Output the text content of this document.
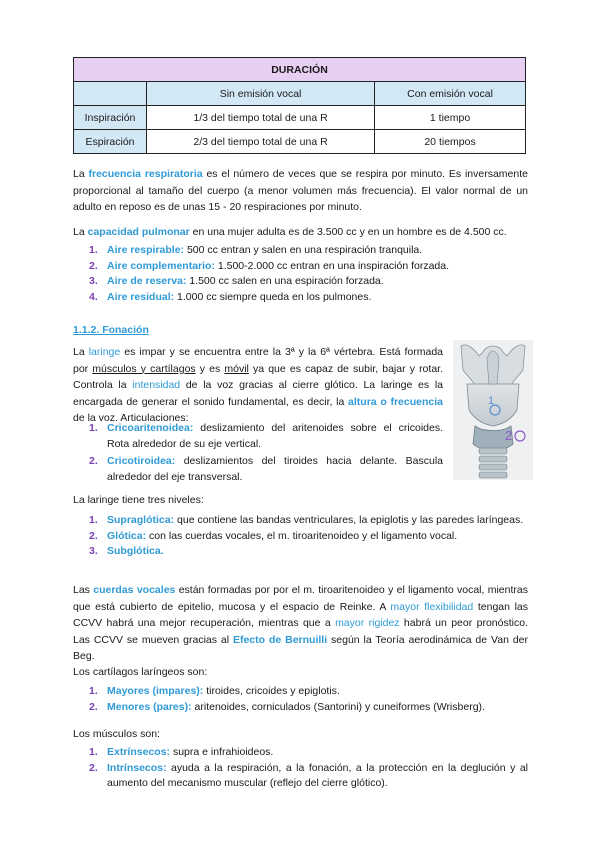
DURACIÓN		
	Sin emisión vocal	Con emisión vocal
Inspiración	1/3 del tiempo total de una R	1 tiempo
Espiración	2/3 del tiempo total de una R	20 tiempos

La frecuencia respiratoria es el número de veces que se respira por minuto. Es inversamente proporcional al tamaño del cuerpo (a menor volumen más frecuencia). El valor normal de un adulto en reposo es de unas 15 - 20 respiraciones por minuto.

La capacidad pulmonar en una mujer adulta es de 3.500 cc y en un hombre es de 4.500 cc.

1. Aire respirable: 500 cc entran y salen en una respiración tranquila.
2. Aire complementario: 1.500-2.000 cc entran en una inspiración forzada.
3. Aire de reserva: 1.500 cc salen en una espiración forzada.
4. Aire residual: 1.000 cc siempre queda en los pulmones.
1.1.2. Fonación

La laringe es impar y se encuentra entre la 3ª y la 6ª vértebra. Está formada por músculos y cartílagos y es móvil ya que es capaz de subir, bajar y rotar. Controla la intensidad de la voz gracias al cierre glótico. La laringe es la encargada de generar el sonido fundamental, es decir, la altura o frecuencia de la voz. Articulaciones:

1. Cricoaritenoidea: deslizamiento del aritenoides sobre el cricoides. Rota alrededor de su eje vertical.
2. Cricotiroidea: deslizamientos del tiroides hacia delante. Bascula alrededor del eje transversal.
1
2

La laringe tiene tres niveles:

1. Supraglótica: que contiene las bandas ventriculares, la epiglotis y las paredes laríngeas.
2. Glótica: con las cuerdas vocales, el m. tiroaritenoideo y el ligamento vocal.
3. Subglótica.

Las cuerdas vocales están formadas por por el m. tiroaritenoideo y el ligamento vocal, mientras que está cubierto de epitelio, mucosa y el espacio de Reinke. A mayor flexibilidad tengan las CCVV habrá una mejor recuperación, mientras que a mayor rigidez habrá un peor pronóstico. Las CCVV se mueven gracias al Efecto de Bernuilli según la Teoría aerodinámica de Van der Beg.

Los cartílagos laríngeos son:

1. Mayores (impares): tiroides, cricoides y epiglotis.
2. Menores (pares): aritenoides, corniculados (Santorini) y cuneiformes (Wrisberg).

Los músculos son:

1. Extrínsecos: supra e infrahioideos.
2. Intrínsecos: ayuda a la respiración, a la fonación, a la protección en la deglución y al aumento del mecanismo muscular (reflejo del cierre glótico).
